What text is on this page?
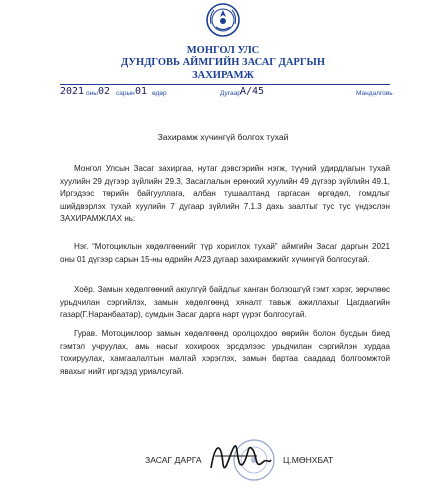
МОНГОЛ УЛС
ДУНДГОВЬ АЙМГИЙН ЗАСАГ ДАРГЫН
ЗАХИРАМЖ
2021 оны 02 сарын 01 өдөр	Дугаар A/45	Мандалговь
Захирамж хүчингүй болгох тухай
Монгол Улсын Засаг захиргаа, нутаг дэвсгэрийн нэгж, түүний удирдлагын тухай хуулийн 29 дүгээр зүйлийн 29.3, Засаглалын ерөнхий хуулийн 49 дүгээр зүйлийн 49.1, Иргэдээс төрийн байгууллага, албан тушаалтанд гаргасан өргөдөл, гомдлыг шийдвэрлэх тухай хуулийн 7 дугаар зүйлийн 7.1.3 дахь заалтыг тус тус үндэслэн ЗАХИРАМЖЛАХ нь:
Нэг. “Мотоциклын хөдөлгөөнийг түр хориглох тухай” аймгийн Засаг даргын 2021 оны 01 дүгээр сарын 15-ны өдрийн А/23 дугаар захирамжийг хүчингүй болгосугай.
Хоёр. Замын хөдөлгөөний аюулгүй байдлыг ханган болзошгүй гэмт хэрэг, зөрчлөөс урьдчилан сэргийлэх, замын хөдөлгөөнд хяналт тавьж ажиллахыг Цагдаагийн газар(Г.Наранбаатар), сумдын Засаг дарга нарт үүрэг болгосугай.
Гурав. Мотоциклоор замын хөдөлгөөнд оролцохдоо өөрийн болон бусдын биед гэмтэл учруулах, амь насыг хохироох эрсдэлээс урьдчилан сэргийлэн хурдаа тохируулах, хамгаалалтын малгай хэрэглэх, замын бартаа саадаад болгоомжтой явахыг нийт иргэдэд уриалсугай.
ЗАСАГ ДАРГА	Ц.МӨНХБАТ
